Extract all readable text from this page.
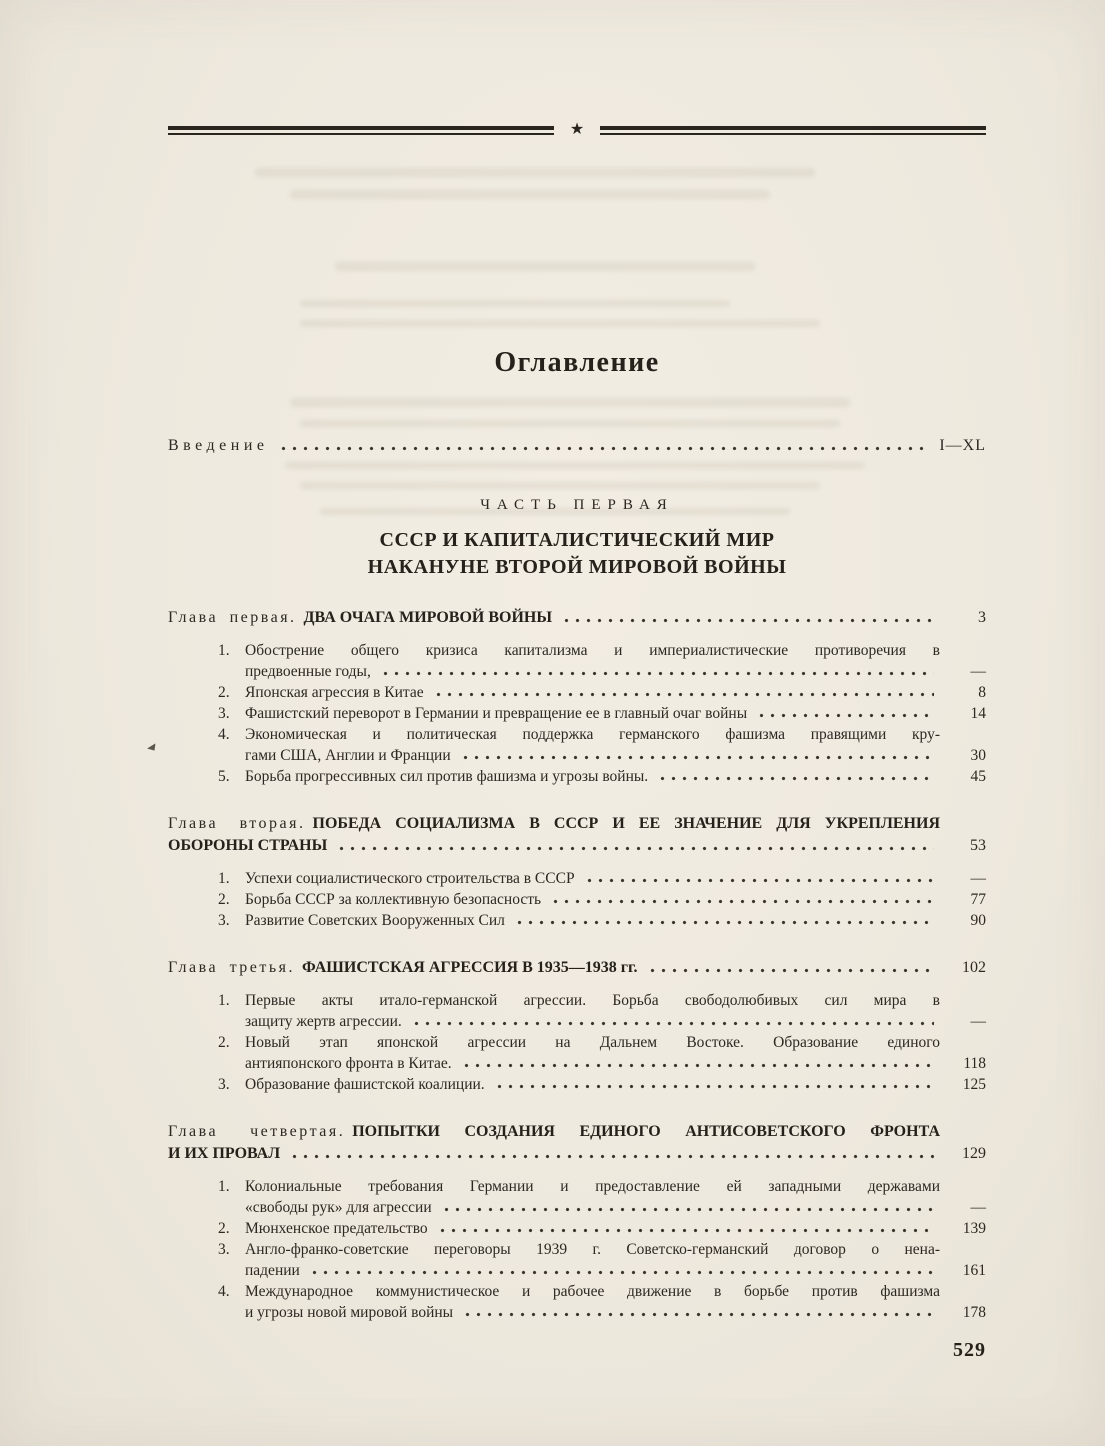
★
Оглавление
Введение	I—XL
ЧАСТЬ ПЕРВАЯ
СССР И КАПИТАЛИСТИЧЕСКИЙ МИР
НАКАНУНЕ ВТОРОЙ МИРОВОЙ ВОЙНЫ
Глава первая. ДВА ОЧАГА МИРОВОЙ ВОЙНЫ	3
1. Обострение общего кризиса капитализма и империалистические противоречия в
предвоенные годы,	—
2. Японская агрессия в Китае	8
3. Фашистский переворот в Германии и превращение ее в главный очаг войны	14
4. Экономическая и политическая поддержка германского фашизма правящими кру-
гами США, Англии и Франции	30
5. Борьба прогрессивных сил против фашизма и угрозы войны.	45
Глава вторая. ПОБЕДА СОЦИАЛИЗМА В СССР И ЕЕ ЗНАЧЕНИЕ ДЛЯ УКРЕПЛЕНИЯ
ОБОРОНЫ СТРАНЫ	53
1. Успехи социалистического строительства в СССР	—
2. Борьба СССР за коллективную безопасность	77
3. Развитие Советских Вооруженных Сил	90
Глава третья. ФАШИСТСКАЯ АГРЕССИЯ В 1935—1938 гг.	102
1. Первые акты итало-германской агрессии. Борьба свободолюбивых сил мира в
защиту жертв агрессии.	—
2. Новый этап японской агрессии на Дальнем Востоке. Образование единого
антияпонского фронта в Китае.	118
3. Образование фашистской коалиции.	125
Глава четвертая. ПОПЫТКИ СОЗДАНИЯ ЕДИНОГО АНТИСОВЕТСКОГО ФРОНТА
И ИХ ПРОВАЛ	129
1. Колониальные требования Германии и предоставление ей западными державами
«свободы рук» для агрессии	—
2. Мюнхенское предательство	139
3. Англо-франко-советские переговоры 1939 г. Советско-германский договор о нена-
падении	161
4. Международное коммунистическое и рабочее движение в борьбе против фашизма
и угрозы новой мировой войны	178
529
